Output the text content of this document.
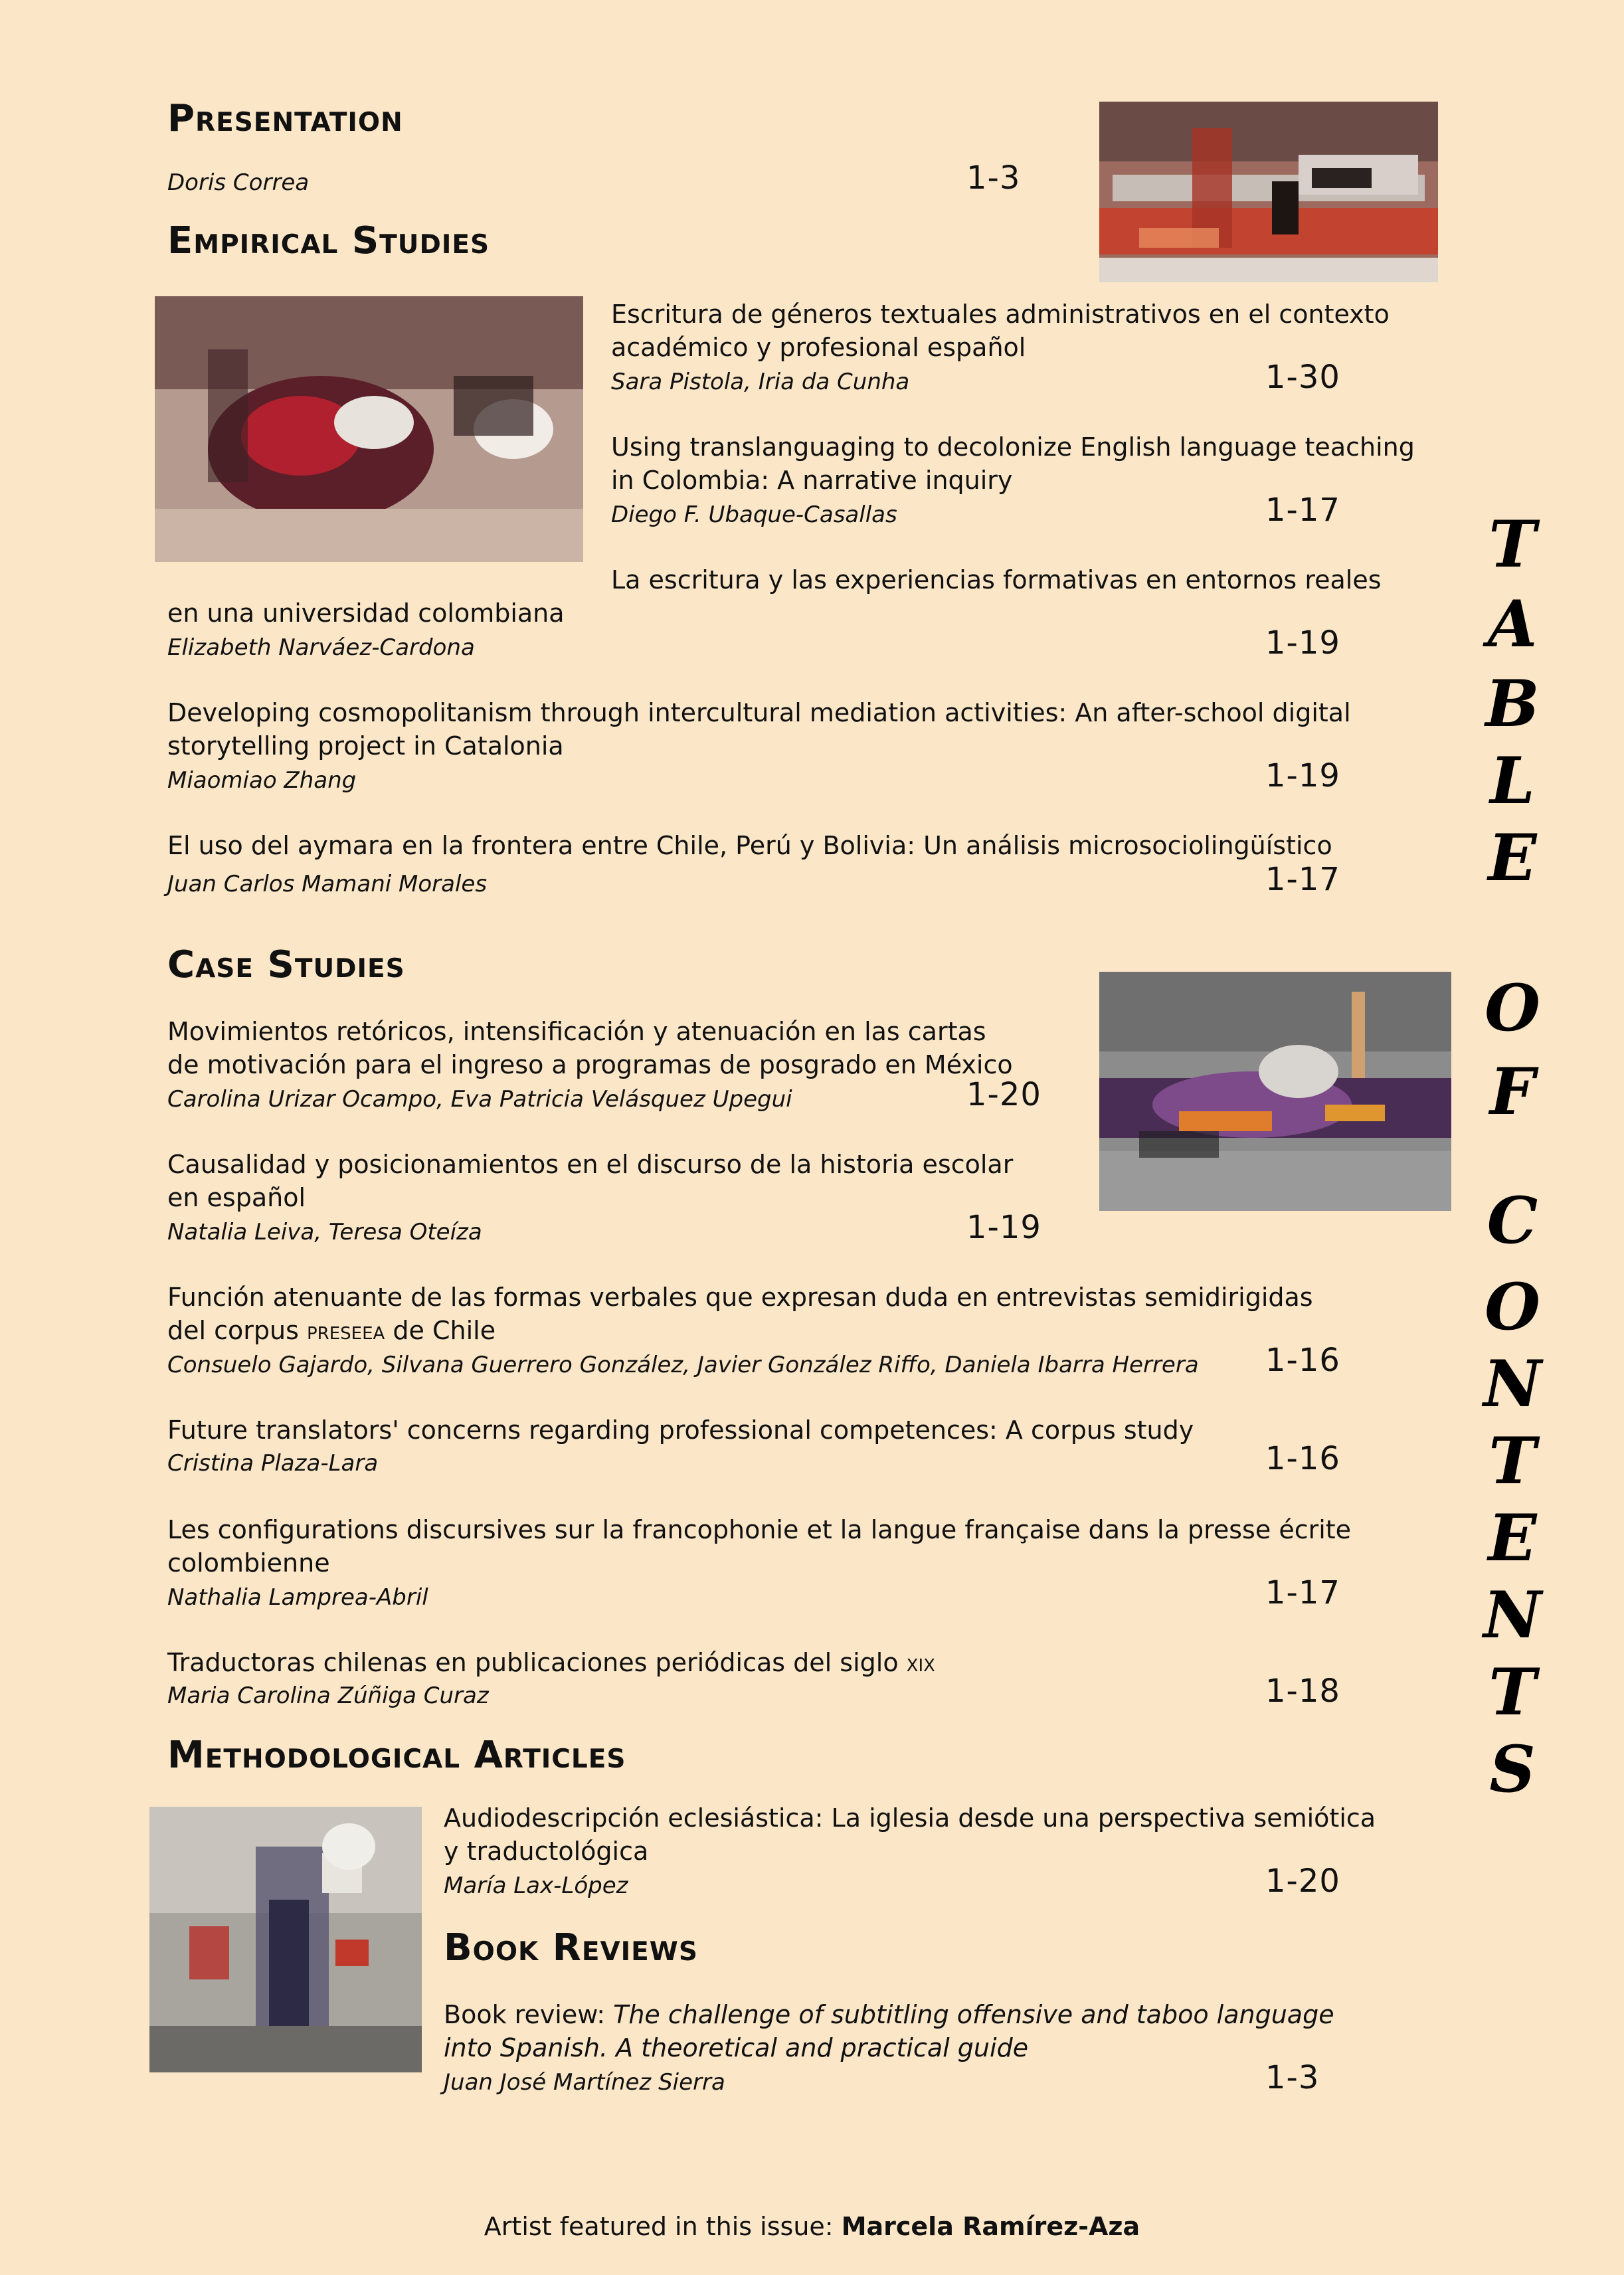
Presentation
Doris Correa	1-3
Empirical Studies
Escritura de géneros textuales administrativos en el contexto
académico y profesional español
Sara Pistola, Iria da Cunha	1-30
Using translanguaging to decolonize English language teaching
in Colombia: A narrative inquiry
Diego F. Ubaque-Casallas	1-17
La escritura y las experiencias formativas en entornos reales
en una universidad colombiana
Elizabeth Narváez-Cardona	1-19
Developing cosmopolitanism through intercultural mediation activities: An after-school digital
storytelling project in Catalonia
Miaomiao Zhang	1-19
El uso del aymara en la frontera entre Chile, Perú y Bolivia: Un análisis microsociolingüístico
Juan Carlos Mamani Morales	1-17
Case Studies
Movimientos retóricos, intensificación y atenuación en las cartas
de motivación para el ingreso a programas de posgrado en México
Carolina Urizar Ocampo, Eva Patricia Velásquez Upegui	1-20
Causalidad y posicionamientos en el discurso de la historia escolar
en español
Natalia Leiva, Teresa Oteíza	1-19
Función atenuante de las formas verbales que expresan duda en entrevistas semidirigidas
del corpus PRESEEA de Chile
Consuelo Gajardo, Silvana Guerrero González, Javier González Riffo, Daniela Ibarra Herrera 1-16
Future translators' concerns regarding professional competences: A corpus study
Cristina Plaza-Lara	1-16
Les configurations discursives sur la francophonie et la langue française dans la presse écrite
colombienne
Nathalia Lamprea-Abril	1-17
Traductoras chilenas en publicaciones periódicas del siglo XIX
Maria Carolina Zúñiga Curaz	1-18
Methodological Articles
Audiodescripción eclesiástica: La iglesia desde una perspectiva semiótica
y traductológica
María Lax-López	1-20
Book Reviews
Book review: The challenge of subtitling offensive and taboo language
into Spanish. A theoretical and practical guide
Juan José Martínez Sierra	1-3
T
A
B
L
E
O
F
C
O
N
T
E
N
T
S
Artist featured in this issue: Marcela Ramírez-Aza
